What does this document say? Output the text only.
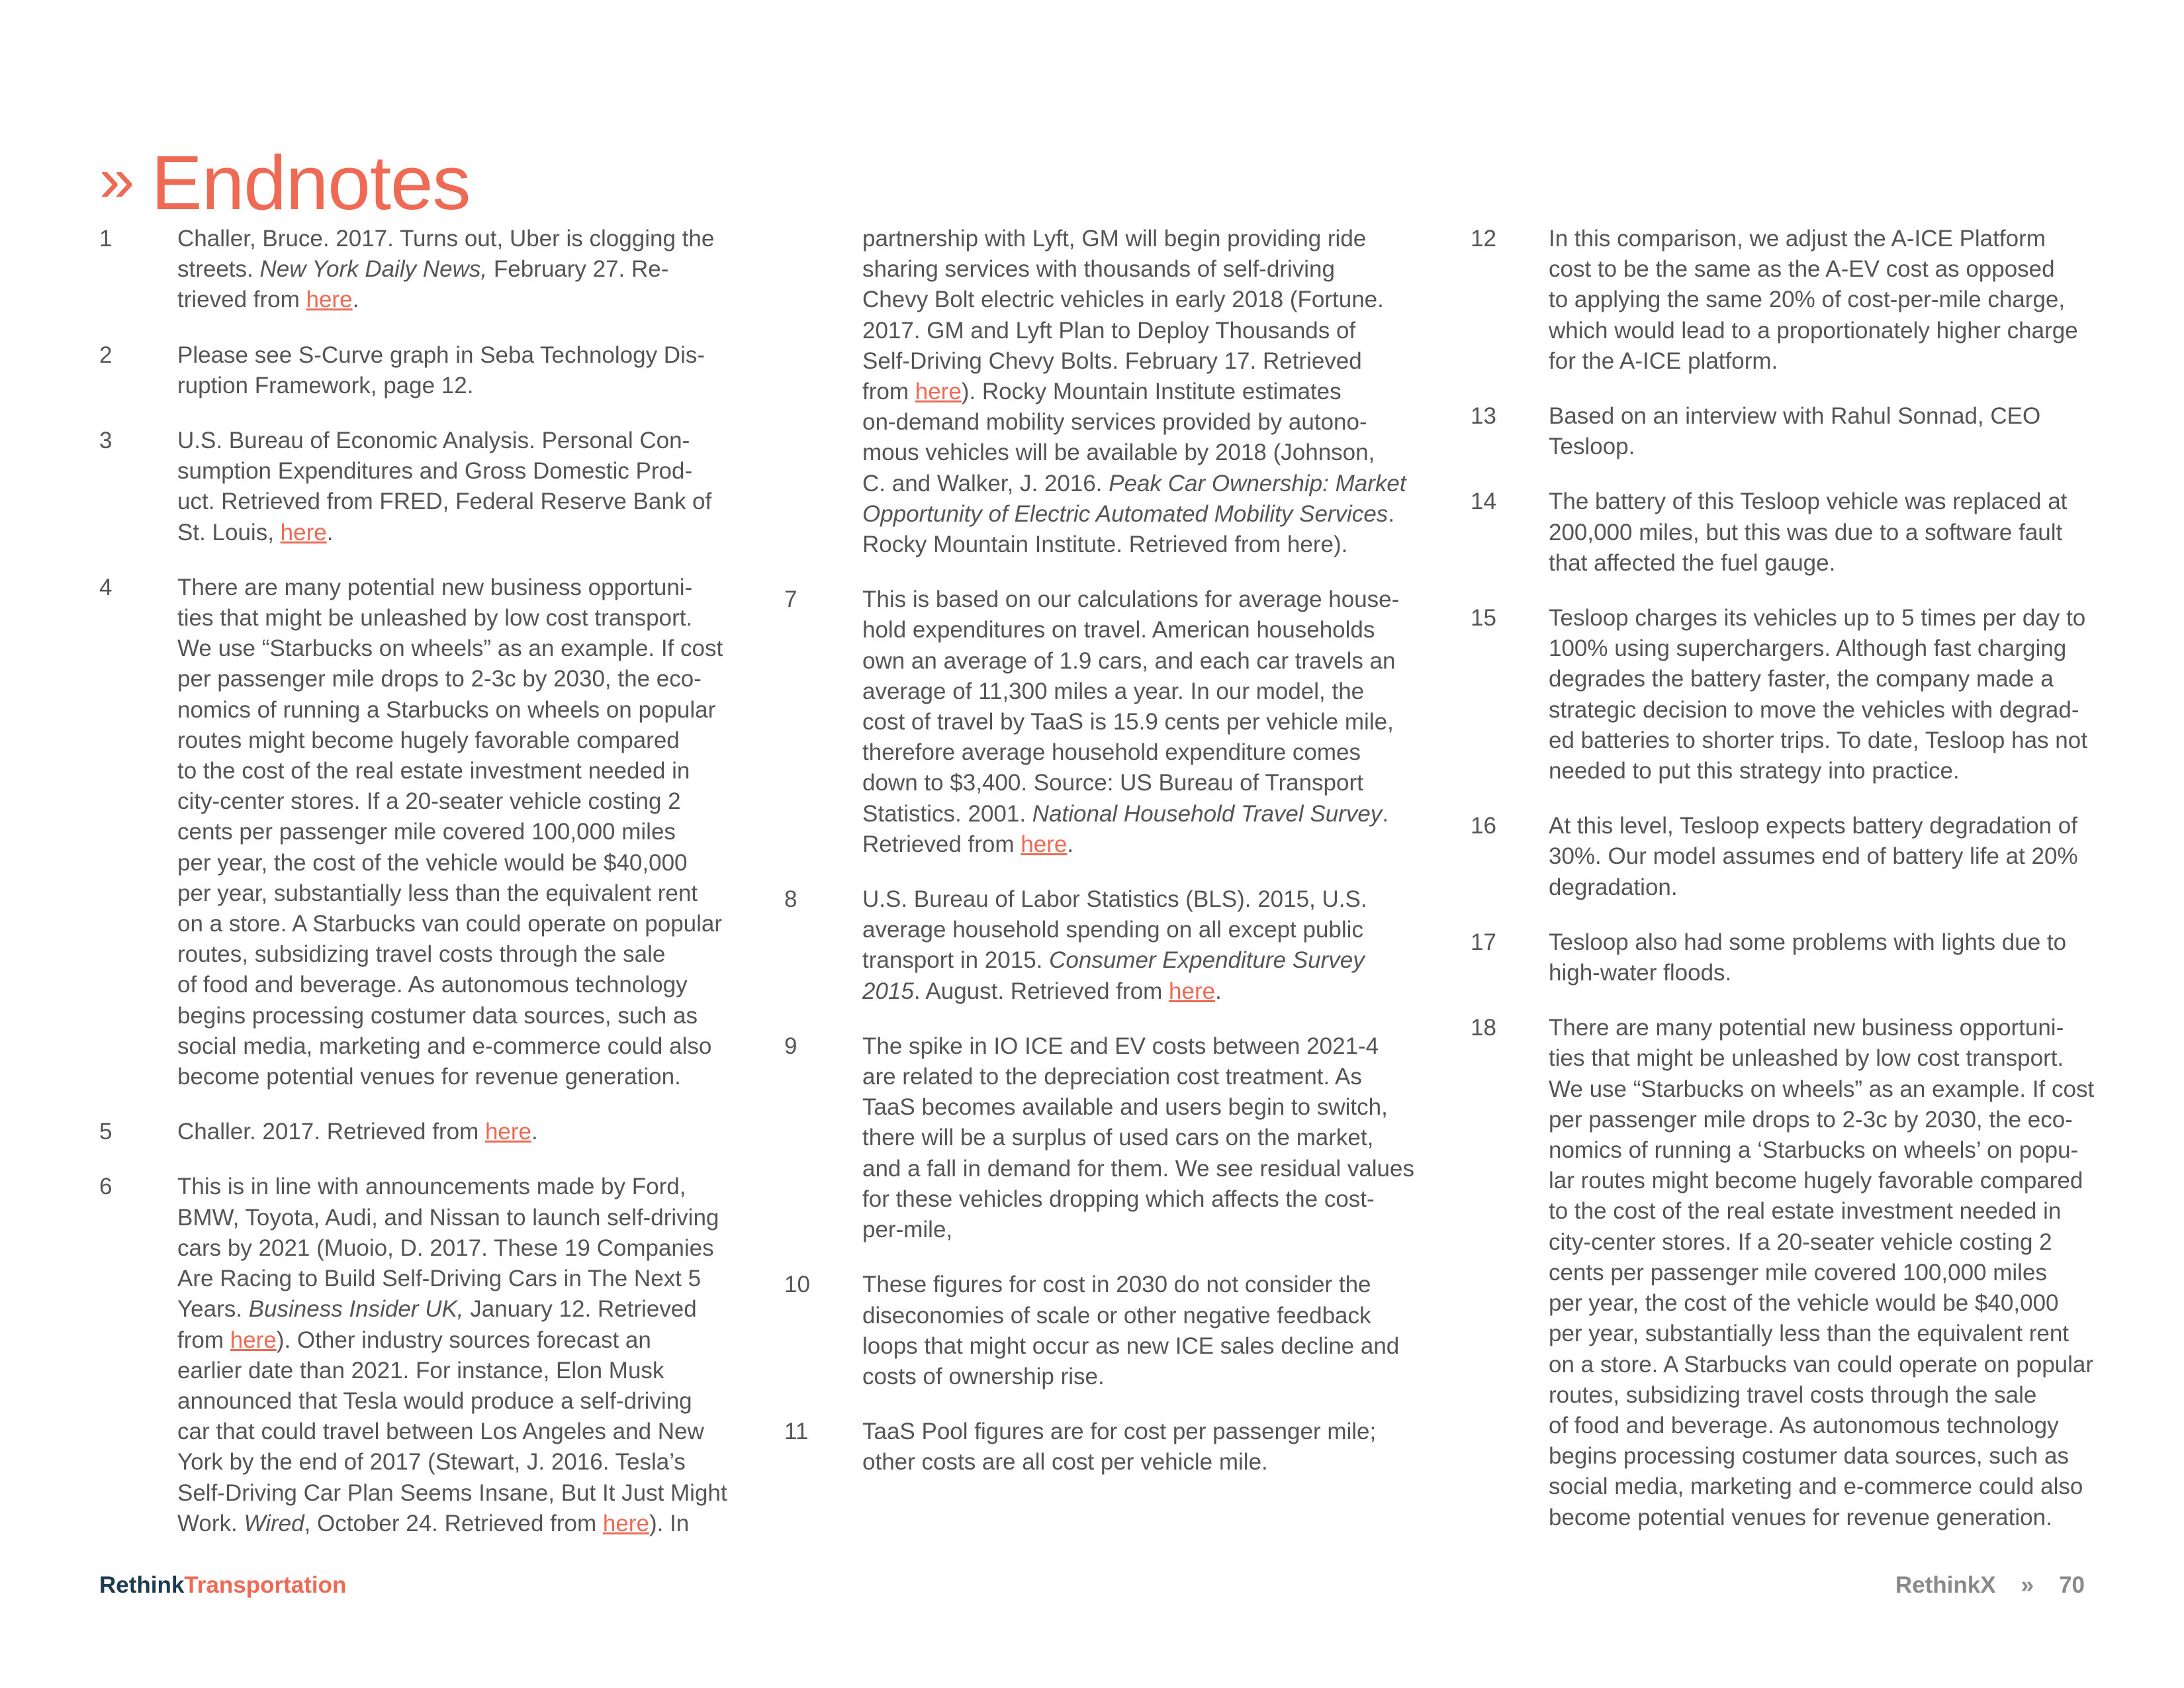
» Endnotes
1	Challer, Bruce. 2017. Turns out, Uber is clogging the
streets. New York Daily News, February 27. Re-
trieved from here.
2	Please see S-Curve graph in Seba Technology Dis-
ruption Framework, page 12.
3	U.S. Bureau of Economic Analysis. Personal Con-
sumption Expenditures and Gross Domestic Prod-
uct. Retrieved from FRED, Federal Reserve Bank of
St. Louis, here.
4	There are many potential new business opportuni-
ties that might be unleashed by low cost transport.
We use “Starbucks on wheels” as an example. If cost
per passenger mile drops to 2-3c by 2030, the eco-
nomics of running a Starbucks on wheels on popular
routes might become hugely favorable compared
to the cost of the real estate investment needed in
city-center stores. If a 20-seater vehicle costing 2
cents per passenger mile covered 100,000 miles
per year, the cost of the vehicle would be $40,000
per year, substantially less than the equivalent rent
on a store. A Starbucks van could operate on popular
routes, subsidizing travel costs through the sale
of food and beverage. As autonomous technology
begins processing costumer data sources, such as
social media, marketing and e-commerce could also
become potential venues for revenue generation.
5	Challer. 2017. Retrieved from here.
6	This is in line with announcements made by Ford,
BMW, Toyota, Audi, and Nissan to launch self-driving
cars by 2021 (Muoio, D. 2017. These 19 Companies
Are Racing to Build Self-Driving Cars in The Next 5
Years. Business Insider UK, January 12. Retrieved
from here). Other industry sources forecast an
earlier date than 2021. For instance, Elon Musk
announced that Tesla would produce a self-driving
car that could travel between Los Angeles and New
York by the end of 2017 (Stewart, J. 2016. Tesla’s
Self-Driving Car Plan Seems Insane, But It Just Might
Work. Wired, October 24. Retrieved from here). In
partnership with Lyft, GM will begin providing ride
sharing services with thousands of self-driving
Chevy Bolt electric vehicles in early 2018 (Fortune.
2017. GM and Lyft Plan to Deploy Thousands of
Self-Driving Chevy Bolts. February 17. Retrieved
from here). Rocky Mountain Institute estimates
on-demand mobility services provided by autono-
mous vehicles will be available by 2018 (Johnson,
C. and Walker, J. 2016. Peak Car Ownership: Market
Opportunity of Electric Automated Mobility Services.
Rocky Mountain Institute. Retrieved from here).
7	This is based on our calculations for average house-
hold expenditures on travel. American households
own an average of 1.9 cars, and each car travels an
average of 11,300 miles a year. In our model, the
cost of travel by TaaS is 15.9 cents per vehicle mile,
therefore average household expenditure comes
down to $3,400. Source: US Bureau of Transport
Statistics. 2001. National Household Travel Survey.
Retrieved from here.
8	U.S. Bureau of Labor Statistics (BLS). 2015, U.S.
average household spending on all except public
transport in 2015. Consumer Expenditure Survey
2015. August. Retrieved from here.
9	The spike in IO ICE and EV costs between 2021-4
are related to the depreciation cost treatment. As
TaaS becomes available and users begin to switch,
there will be a surplus of used cars on the market,
and a fall in demand for them. We see residual values
for these vehicles dropping which affects the cost-
per-mile,
10	These figures for cost in 2030 do not consider the
diseconomies of scale or other negative feedback
loops that might occur as new ICE sales decline and
costs of ownership rise.
11	TaaS Pool figures are for cost per passenger mile;
other costs are all cost per vehicle mile.
12	In this comparison, we adjust the A-ICE Platform
cost to be the same as the A-EV cost as opposed
to applying the same 20% of cost-per-mile charge,
which would lead to a proportionately higher charge
for the A-ICE platform.
13	Based on an interview with Rahul Sonnad, CEO
Tesloop.
14	The battery of this Tesloop vehicle was replaced at
200,000 miles, but this was due to a software fault
that affected the fuel gauge.
15	Tesloop charges its vehicles up to 5 times per day to
100% using superchargers. Although fast charging
degrades the battery faster, the company made a
strategic decision to move the vehicles with degrad-
ed batteries to shorter trips. To date, Tesloop has not
needed to put this strategy into practice.
16	At this level, Tesloop expects battery degradation of
30%. Our model assumes end of battery life at 20%
degradation.
17	Tesloop also had some problems with lights due to
high-water floods.
18	There are many potential new business opportuni-
ties that might be unleashed by low cost transport.
We use “Starbucks on wheels” as an example. If cost
per passenger mile drops to 2-3c by 2030, the eco-
nomics of running a ‘Starbucks on wheels’ on popu-
lar routes might become hugely favorable compared
to the cost of the real estate investment needed in
city-center stores. If a 20-seater vehicle costing 2
cents per passenger mile covered 100,000 miles
per year, the cost of the vehicle would be $40,000
per year, substantially less than the equivalent rent
on a store. A Starbucks van could operate on popular
routes, subsidizing travel costs through the sale
of food and beverage. As autonomous technology
begins processing costumer data sources, such as
social media, marketing and e-commerce could also
become potential venues for revenue generation.
RethinkTransportation	RethinkX » 70
